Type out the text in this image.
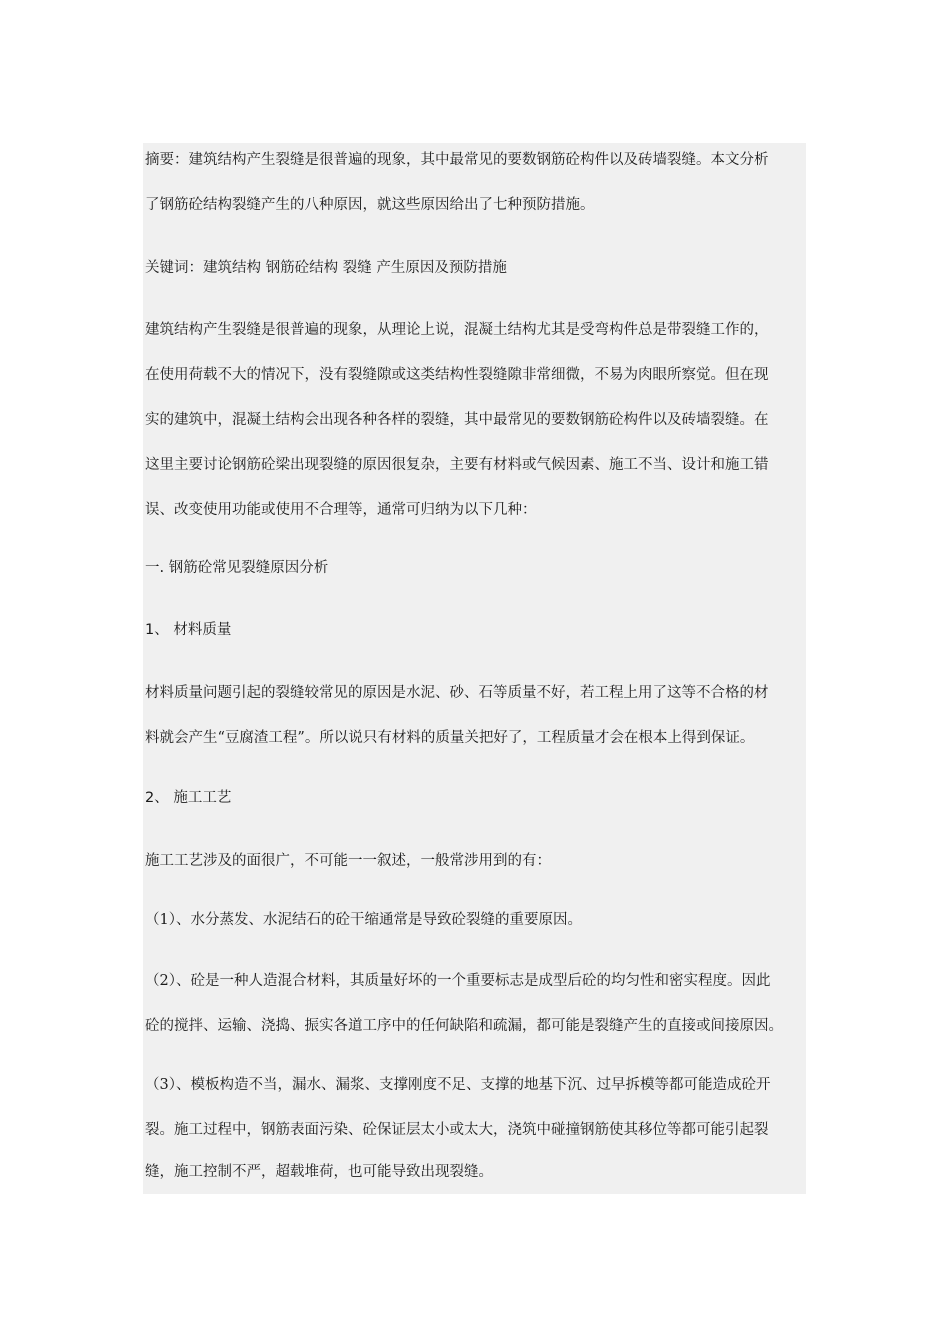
摘要：建筑结构产生裂缝是很普遍的现象，其中最常见的要数钢筋砼构件以及砖墙裂缝。本文分析
了钢筋砼结构裂缝产生的八种原因，就这些原因给出了七种预防措施。
关键词：建筑结构 钢筋砼结构 裂缝 产生原因及预防措施
建筑结构产生裂缝是很普遍的现象，从理论上说，混凝土结构尤其是受弯构件总是带裂缝工作的，
在使用荷载不大的情况下，没有裂缝隙或这类结构性裂缝隙非常细微，不易为肉眼所察觉。但在现
实的建筑中，混凝土结构会出现各种各样的裂缝，其中最常见的要数钢筋砼构件以及砖墙裂缝。在
这里主要讨论钢筋砼梁出现裂缝的原因很复杂，主要有材料或气候因素、施工不当、设计和施工错
误、改变使用功能或使用不合理等，通常可归纳为以下几种：
一. 钢筋砼常见裂缝原因分析
1、 材料质量
材料质量问题引起的裂缝较常见的原因是水泥、砂、石等质量不好，若工程上用了这等不合格的材
料就会产生“豆腐渣工程”。所以说只有材料的质量关把好了，工程质量才会在根本上得到保证。
2、 施工工艺
施工工艺涉及的面很广，不可能一一叙述，一般常涉用到的有：
（1）、水分蒸发、水泥结石的砼干缩通常是导致砼裂缝的重要原因。
（2）、砼是一种人造混合材料，其质量好坏的一个重要标志是成型后砼的均匀性和密实程度。因此
砼的搅拌、运输、浇捣、振实各道工序中的任何缺陷和疏漏，都可能是裂缝产生的直接或间接原因。
（3）、模板构造不当，漏水、漏浆、支撑刚度不足、支撑的地基下沉、过早拆模等都可能造成砼开
裂。施工过程中，钢筋表面污染、砼保证层太小或太大，浇筑中碰撞钢筋使其移位等都可能引起裂
缝，施工控制不严，超载堆荷，也可能导致出现裂缝。
